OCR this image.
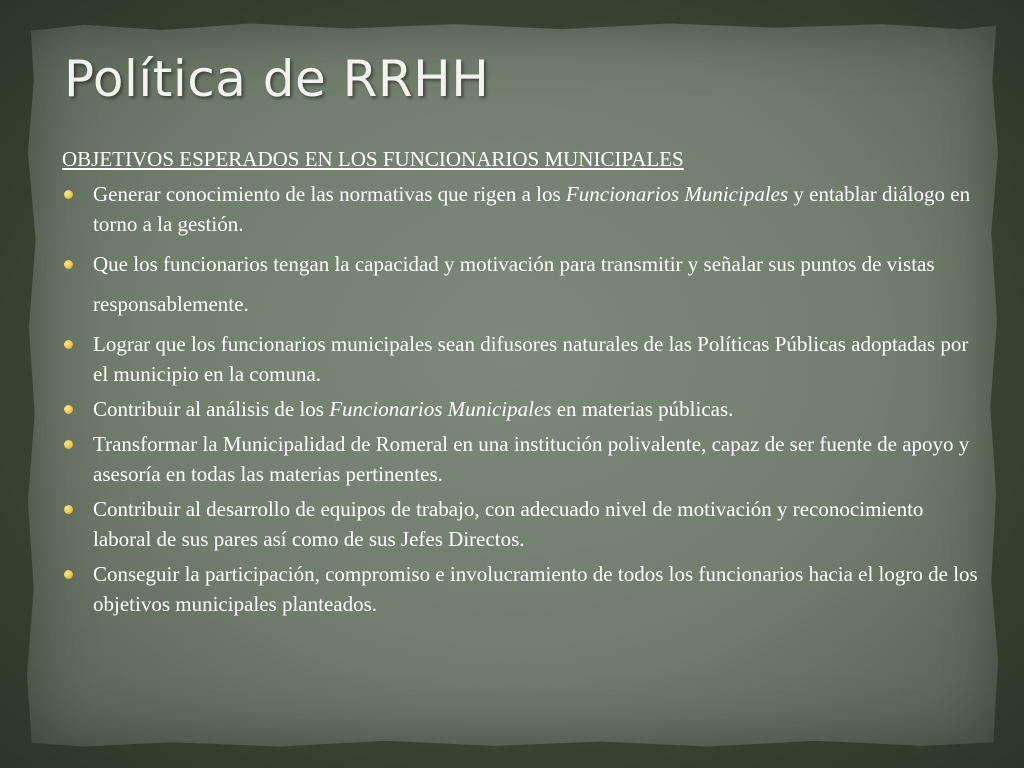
Política de RRHH
OBJETIVOS ESPERADOS EN LOS FUNCIONARIOS MUNICIPALES
Generar conocimiento de las normativas que rigen a los Funcionarios Municipales y entablar diálogo en torno a la gestión.
Que los funcionarios tengan la capacidad y motivación para transmitir y señalar sus puntos de vistas responsablemente.
Lograr que los funcionarios municipales sean difusores naturales de las Políticas Públicas adoptadas por el municipio en la comuna.
Contribuir al análisis de los Funcionarios Municipales en materias públicas.
Transformar la Municipalidad de Romeral en una institución polivalente, capaz de ser fuente de apoyo y asesoría en todas las materias pertinentes.
Contribuir al desarrollo de equipos de trabajo, con adecuado nivel de motivación y reconocimiento laboral de sus pares así como de sus Jefes Directos.
Conseguir la participación, compromiso e involucramiento de todos los funcionarios hacia el logro de los objetivos municipales planteados.
